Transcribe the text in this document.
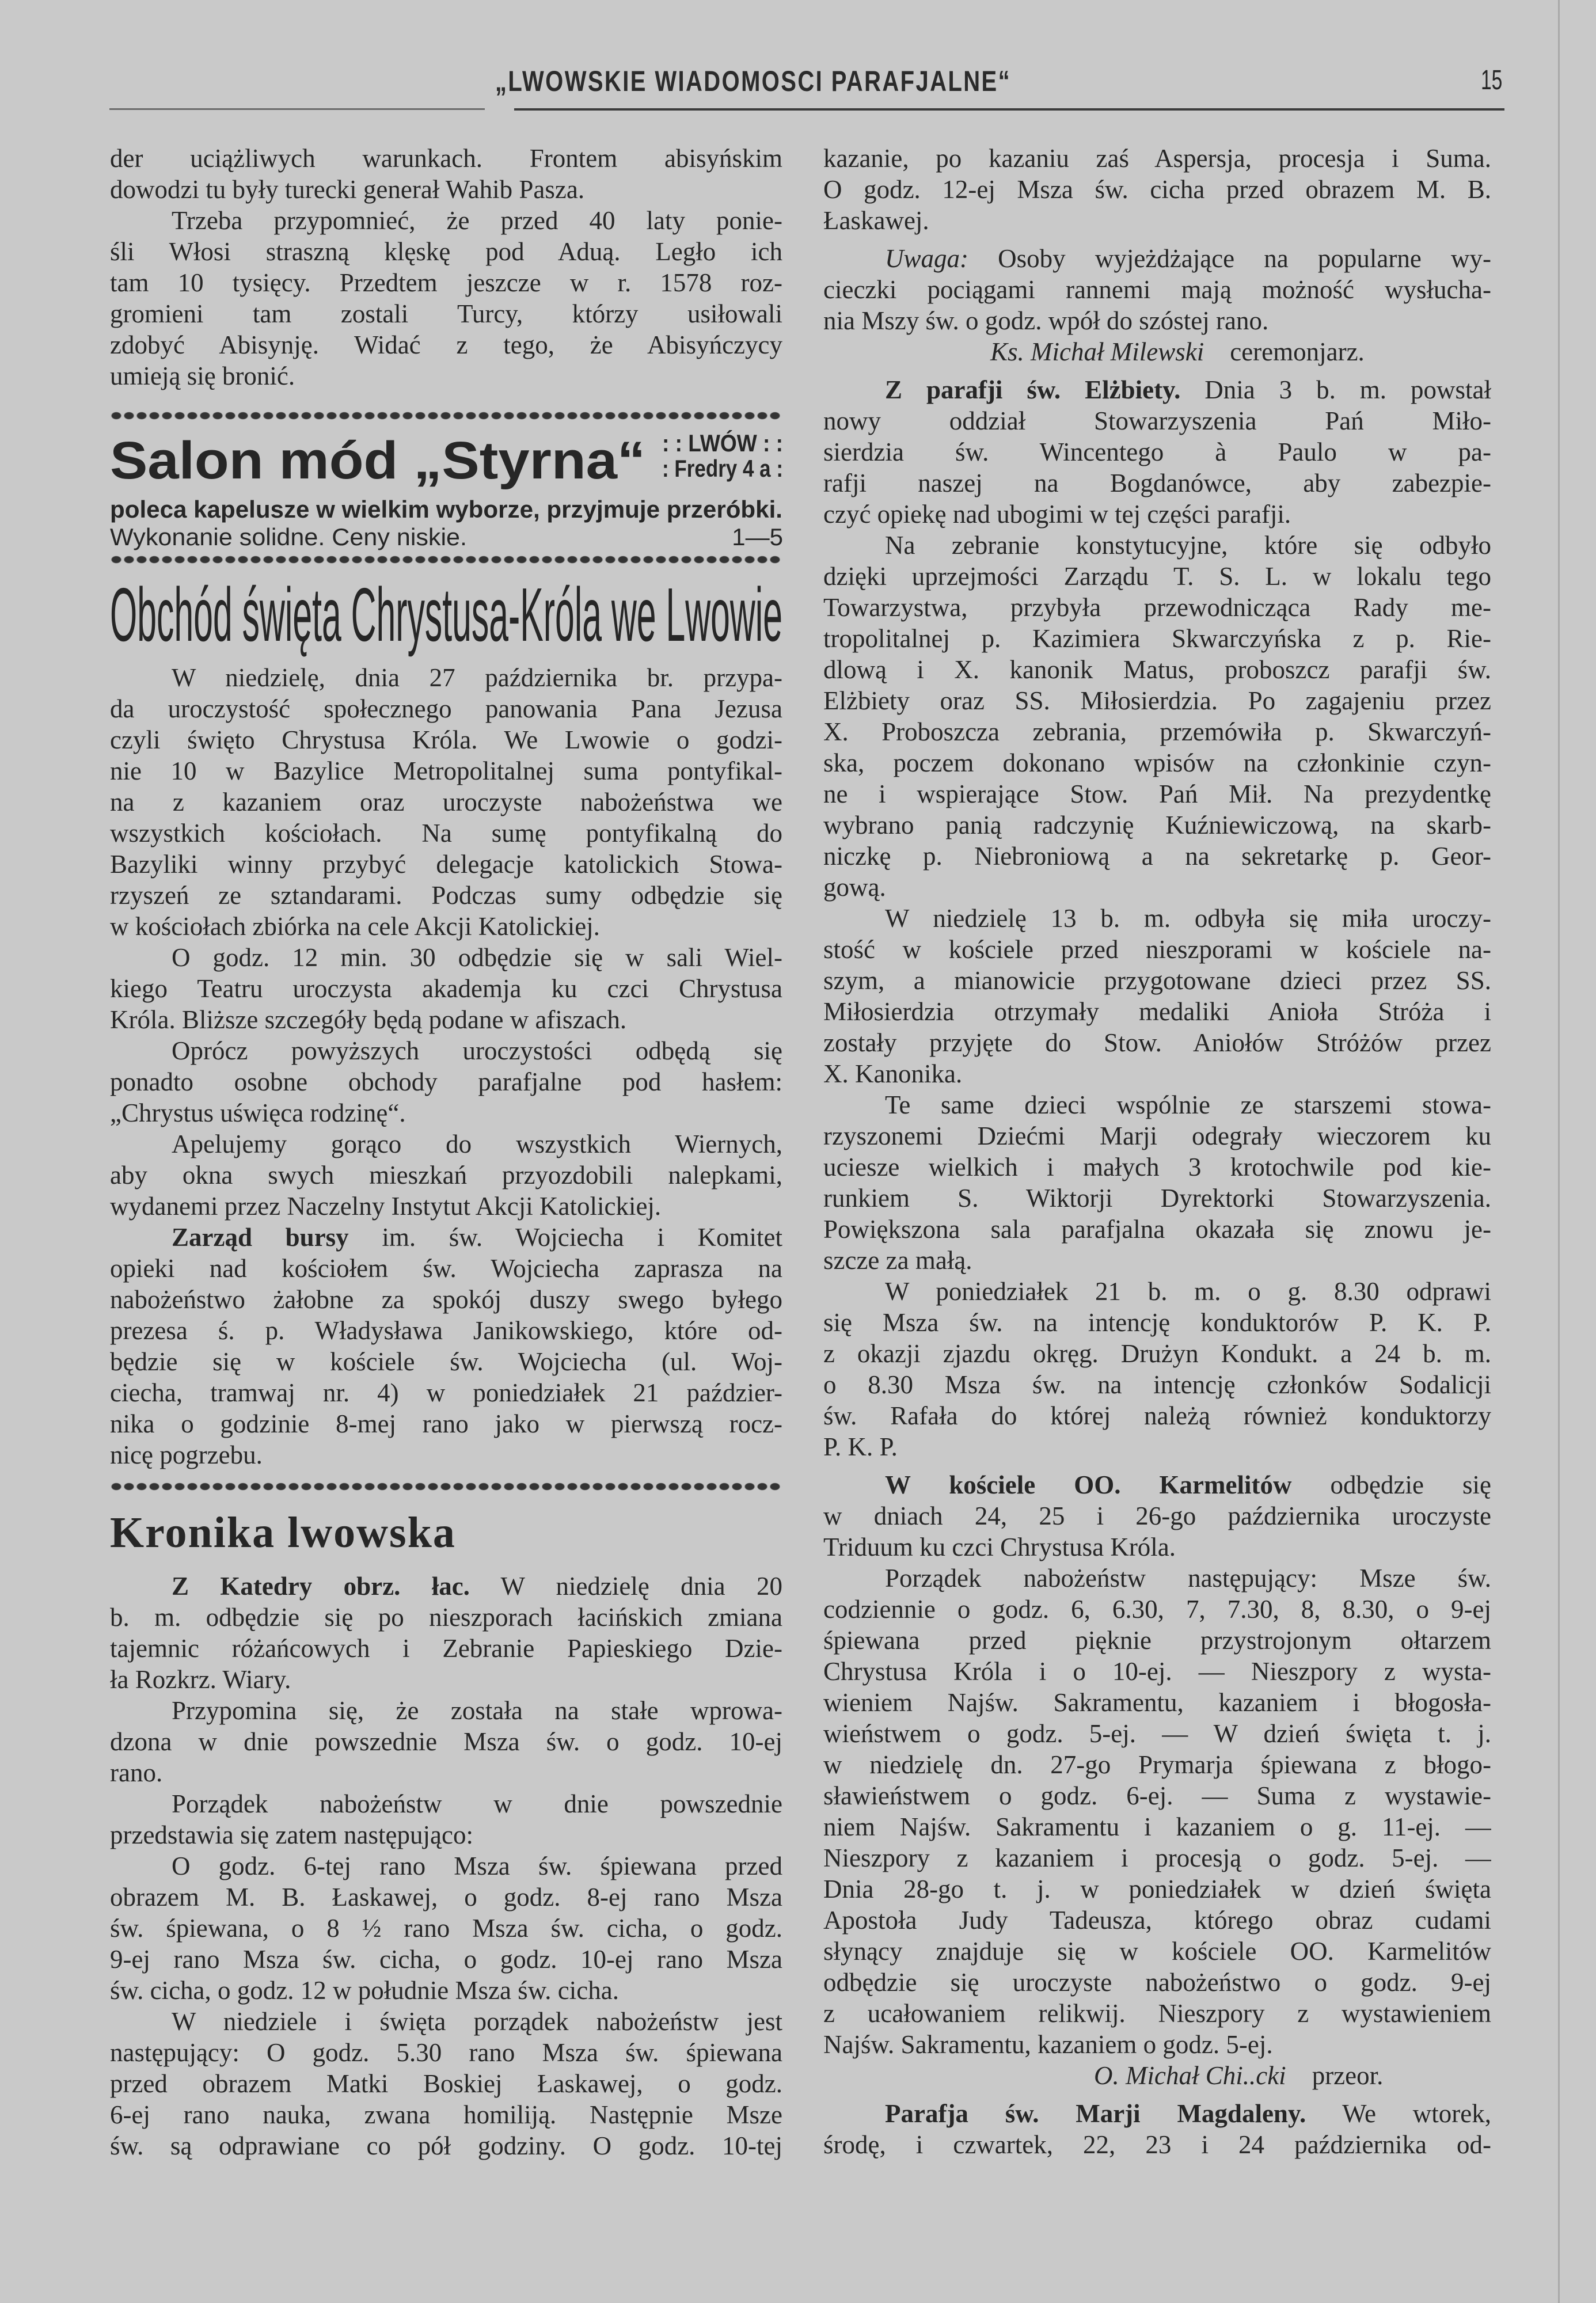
„LWOWSKIE WIADOMOSCI PARAFJALNE“	15
der uciążliwych warunkach. Frontem abisyńskim
dowodzi tu były turecki generał Wahib Pasza.
Trzeba przypomnieć, że przed 40 laty ponie-
śli Włosi straszną klęskę pod Aduą. Legło ich
tam 10 tysięcy. Przedtem jeszcze w r. 1578 roz-
gromieni tam zostali Turcy, którzy usiłowali
zdobyć Abisynję. Widać z tego, że Abisyńczycy
umieją się bronić.
Salon mód „Styrna“ : : LWÓW : :
: Fredry 4 a :
poleca kapelusze w wielkim wyborze, przyjmuje przeróbki.
Wykonanie solidne. Ceny niskie.	1—5
Obchód święta Chrystusa-Króla we Lwowie
W niedzielę, dnia 27 października br. przypa-
da uroczystość społecznego panowania Pana Jezusa
czyli święto Chrystusa Króla. We Lwowie o godzi-
nie 10 w Bazylice Metropolitalnej suma pontyfikal-
na z kazaniem oraz uroczyste nabożeństwa we
wszystkich kościołach. Na sumę pontyfikalną do
Bazyliki winny przybyć delegacje katolickich Stowa-
rzyszeń ze sztandarami. Podczas sumy odbędzie się
w kościołach zbiórka na cele Akcji Katolickiej.
O godz. 12 min. 30 odbędzie się w sali Wiel-
kiego Teatru uroczysta akademja ku czci Chrystusa
Króla. Bliższe szczegóły będą podane w afiszach.
Oprócz powyższych uroczystości odbędą się
ponadto osobne obchody parafjalne pod hasłem:
„Chrystus uświęca rodzinę“.
Apelujemy gorąco do wszystkich Wiernych,
aby okna swych mieszkań przyozdobili nalepkami,
wydanemi przez Naczelny Instytut Akcji Katolickiej.
Zarząd bursy im. św. Wojciecha i Komitet
opieki nad kościołem św. Wojciecha zaprasza na
nabożeństwo żałobne za spokój duszy swego byłego
prezesa ś. p. Władysława Janikowskiego, które od-
będzie się w kościele św. Wojciecha (ul. Woj-
ciecha, tramwaj nr. 4) w poniedziałek 21 paździer-
nika o godzinie 8-mej rano jako w pierwszą rocz-
nicę pogrzebu.
Kronika lwowska
Z Katedry obrz. łac. W niedzielę dnia 20
b. m. odbędzie się po nieszporach łacińskich zmiana
tajemnic różańcowych i Zebranie Papieskiego Dzie-
ła Rozkrz. Wiary.
Przypomina się, że została na stałe wprowa-
dzona w dnie powszednie Msza św. o godz. 10-ej
rano.
Porządek nabożeństw w dnie powszednie
przedstawia się zatem następująco:
O godz. 6-tej rano Msza św. śpiewana przed
obrazem M. B. Łaskawej, o godz. 8-ej rano Msza
św. śpiewana, o 8 ½ rano Msza św. cicha, o godz.
9-ej rano Msza św. cicha, o godz. 10-ej rano Msza
św. cicha, o godz. 12 w południe Msza św. cicha.
W niedziele i święta porządek nabożeństw jest
następujący: O godz. 5.30 rano Msza św. śpiewana
przed obrazem Matki Boskiej Łaskawej, o godz.
6-ej rano nauka, zwana homiliją. Następnie Msze
św. są odprawiane co pół godziny. O godz. 10-tej
kazanie, po kazaniu zaś Aspersja, procesja i Suma.
O godz. 12-ej Msza św. cicha przed obrazem M. B.
Łaskawej.
Uwaga: Osoby wyjeżdżające na popularne wy-
cieczki pociągami rannemi mają możność wysłucha-
nia Mszy św. o godz. wpół do szóstej rano.
Ks. Michał Milewski ceremonjarz.
Z parafji św. Elżbiety. Dnia 3 b. m. powstał
nowy oddział Stowarzyszenia Pań Miło-
sierdzia św. Wincentego à Paulo w pa-
rafji naszej na Bogdanówce, aby zabezpie-
czyć opiekę nad ubogimi w tej części parafji.
Na zebranie konstytucyjne, które się odbyło
dzięki uprzejmości Zarządu T. S. L. w lokalu tego
Towarzystwa, przybyła przewodnicząca Rady me-
tropolitalnej p. Kazimiera Skwarczyńska z p. Rie-
dlową i X. kanonik Matus, proboszcz parafji św.
Elżbiety oraz SS. Miłosierdzia. Po zagajeniu przez
X. Proboszcza zebrania, przemówiła p. Skwarczyń-
ska, poczem dokonano wpisów na członkinie czyn-
ne i wspierające Stow. Pań Mił. Na prezydentkę
wybrano panią radczynię Kuźniewiczową, na skarb-
niczkę p. Niebroniową a na sekretarkę p. Geor-
gową.
W niedzielę 13 b. m. odbyła się miła uroczy-
stość w kościele przed nieszporami w kościele na-
szym, a mianowicie przygotowane dzieci przez SS.
Miłosierdzia otrzymały medaliki Anioła Stróża i
zostały przyjęte do Stow. Aniołów Stróżów przez
X. Kanonika.
Te same dzieci wspólnie ze starszemi stowa-
rzyszonemi Dziećmi Marji odegrały wieczorem ku
uciesze wielkich i małych 3 krotochwile pod kie-
runkiem S. Wiktorji Dyrektorki Stowarzyszenia.
Powiększona sala parafjalna okazała się znowu je-
szcze za małą.
W poniedziałek 21 b. m. o g. 8.30 odprawi
się Msza św. na intencję konduktorów P. K. P.
z okazji zjazdu okręg. Drużyn Kondukt. a 24 b. m.
o 8.30 Msza św. na intencję członków Sodalicji
św. Rafała do której należą również konduktorzy
P. K. P.
W kościele OO. Karmelitów odbędzie się
w dniach 24, 25 i 26-go października uroczyste
Triduum ku czci Chrystusa Króla.
Porządek nabożeństw następujący: Msze św.
codziennie o godz. 6, 6.30, 7, 7.30, 8, 8.30, o 9-ej
śpiewana przed pięknie przystrojonym ołtarzem
Chrystusa Króla i o 10-ej. — Nieszpory z wysta-
wieniem Najśw. Sakramentu, kazaniem i błogosła-
wieństwem o godz. 5-ej. — W dzień święta t. j.
w niedzielę dn. 27-go Prymarja śpiewana z błogo-
sławieństwem o godz. 6-ej. — Suma z wystawie-
niem Najśw. Sakramentu i kazaniem o g. 11-ej. —
Nieszpory z kazaniem i procesją o godz. 5-ej. —
Dnia 28-go t. j. w poniedziałek w dzień święta
Apostoła Judy Tadeusza, którego obraz cudami
słynący znajduje się w kościele OO. Karmelitów
odbędzie się uroczyste nabożeństwo o godz. 9-ej
z ucałowaniem relikwij. Nieszpory z wystawieniem
Najśw. Sakramentu, kazaniem o godz. 5-ej.
O. Michał Chi..cki przeor.
Parafja św. Marji Magdaleny. We wtorek,
środę, i czwartek, 22, 23 i 24 października od-
